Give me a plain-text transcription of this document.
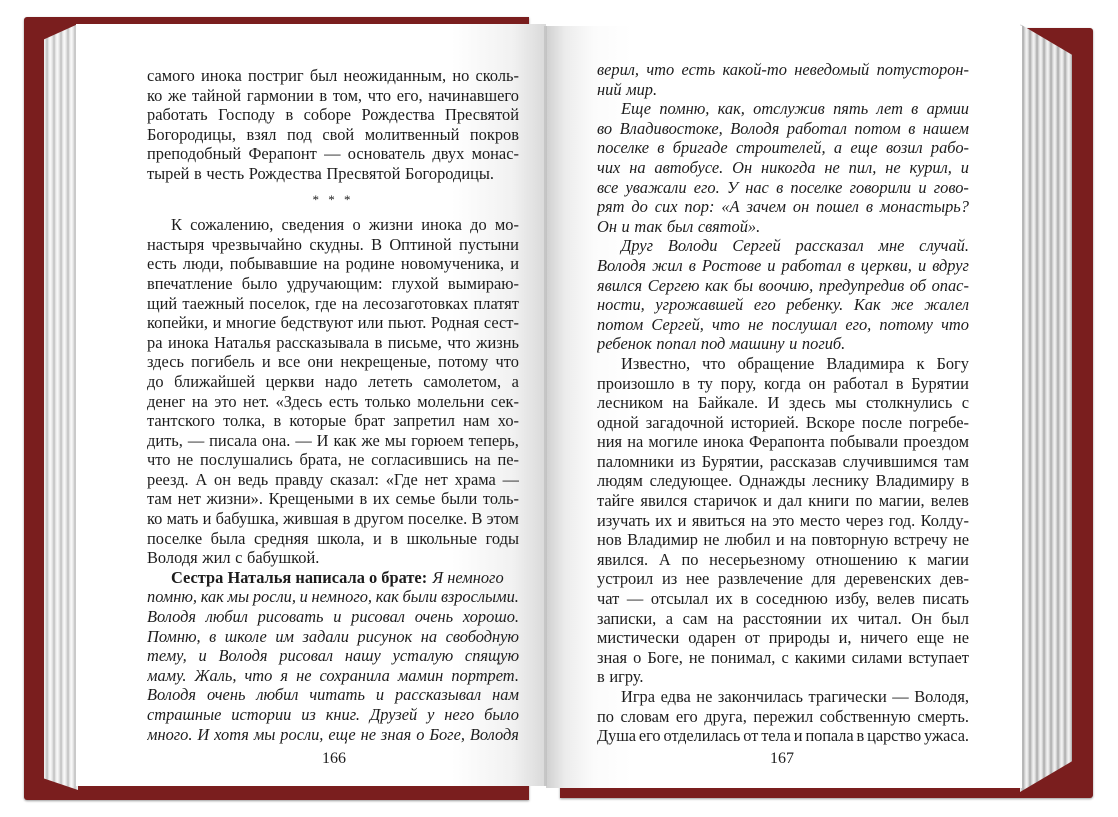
самого инока постриг был неожиданным, но сколь-
ко же тайной гармонии в том, что его, начинавшего
работать Господу в соборе Рождества Пресвятой
Богородицы, взял под свой молитвенный покров
преподобный Ферапонт — основатель двух монас-
тырей в честь Рождества Пресвятой Богородицы.
* * *
К сожалению, сведения о жизни инока до мо-
настыря чрезвычайно скудны. В Оптиной пустыни
есть люди, побывавшие на родине новомученика, и
впечатление было удручающим: глухой вымираю-
щий таежный поселок, где на лесозаготовках платят
копейки, и многие бедствуют или пьют. Родная сест-
ра инока Наталья рассказывала в письме, что жизнь
здесь погибель и все они некрещеные, потому что
до ближайшей церкви надо лететь самолетом, а
денег на это нет. «Здесь есть только молельни сек-
тантского толка, в которые брат запретил нам хо-
дить, — писала она. — И как же мы горюем теперь,
что не послушались брата, не согласившись на пе-
реезд. А он ведь правду сказал: «Где нет храма —
там нет жизни». Крещеными в их семье были толь-
ко мать и бабушка, жившая в другом поселке. В этом
поселке была средняя школа, и в школьные годы
Володя жил с бабушкой.
Сестра Наталья написала о брате: Я немного
помню, как мы росли, и немного, как были взрослыми.
Володя любил рисовать и рисовал очень хорошо.
Помню, в школе им задали рисунок на свободную
тему, и Володя рисовал нашу усталую спящую
маму. Жаль, что я не сохранила мамин портрет.
Володя очень любил читать и рассказывал нам
страшные истории из книг. Друзей у него было
много. И хотя мы росли, еще не зная о Боге, Володя
166
верил, что есть какой-то неведомый потусторон-
ний мир.
Еще помню, как, отслужив пять лет в армии
во Владивостоке, Володя работал потом в нашем
поселке в бригаде строителей, а еще возил рабо-
чих на автобусе. Он никогда не пил, не курил, и
все уважали его. У нас в поселке говорили и гово-
рят до сих пор: «А зачем он пошел в монастырь?
Он и так был святой».
Друг Володи Сергей рассказал мне случай.
Володя жил в Ростове и работал в церкви, и вдруг
явился Сергею как бы воочию, предупредив об опас-
ности, угрожавшей его ребенку. Как же жалел
потом Сергей, что не послушал его, потому что
ребенок попал под машину и погиб.
Известно, что обращение Владимира к Богу
произошло в ту пору, когда он работал в Бурятии
лесником на Байкале. И здесь мы столкнулись с
одной загадочной историей. Вскоре после погребе-
ния на могиле инока Ферапонта побывали проездом
паломники из Бурятии, рассказав случившимся там
людям следующее. Однажды леснику Владимиру в
тайге явился старичок и дал книги по магии, велев
изучать их и явиться на это место через год. Колду-
нов Владимир не любил и на повторную встречу не
явился. А по несерьезному отношению к магии
устроил из нее развлечение для деревенских дев-
чат — отсылал их в соседнюю избу, велев писать
записки, а сам на расстоянии их читал. Он был
мистически одарен от природы и, ничего еще не
зная о Боге, не понимал, с какими силами вступает
в игру.
Игра едва не закончилась трагически — Володя,
по словам его друга, пережил собственную смерть.
Душа его отделилась от тела и попала в царство ужаса.
167
